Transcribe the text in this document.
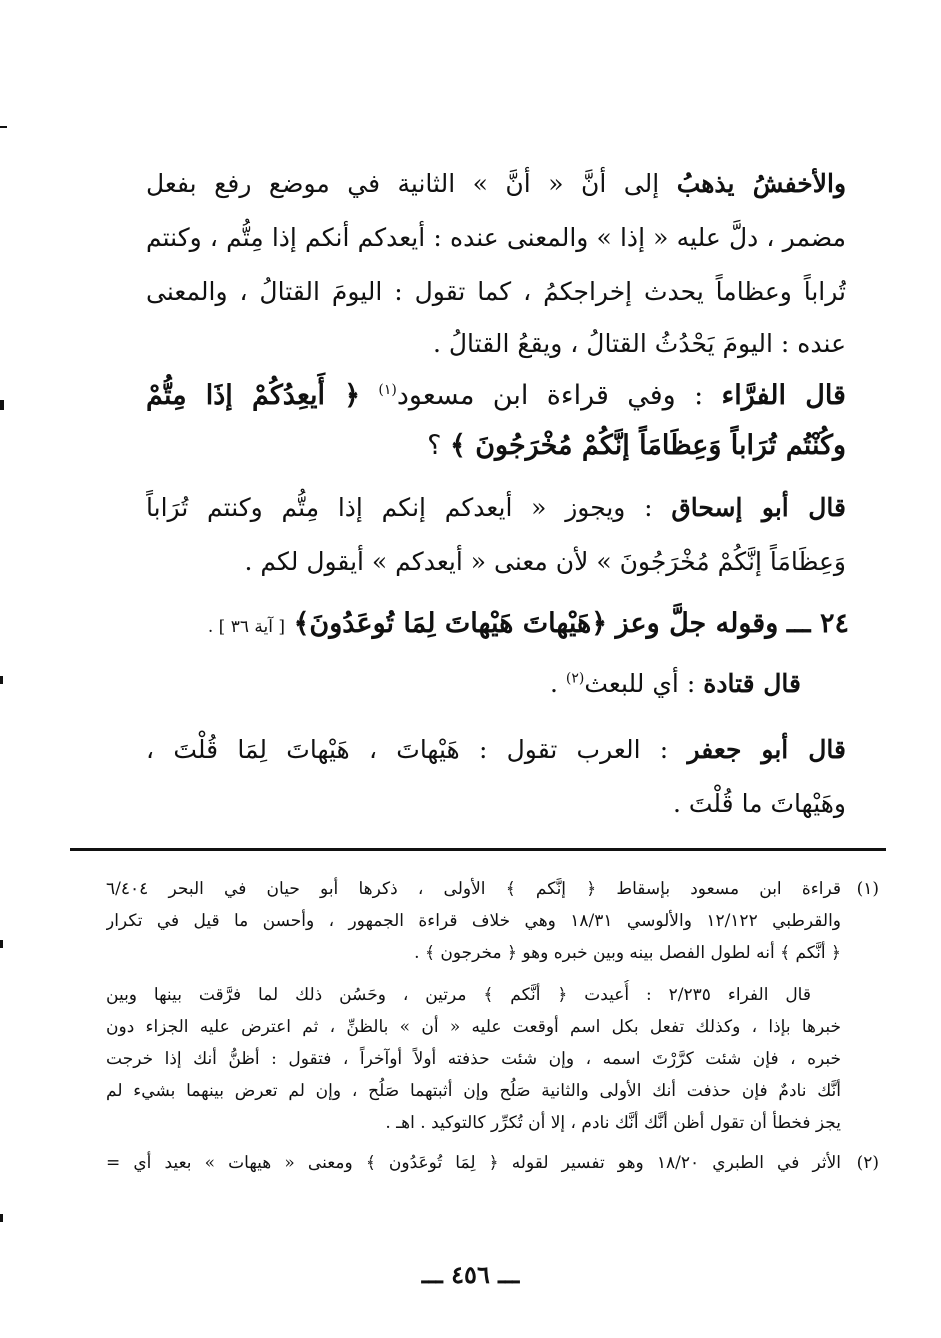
والأخفشُ يذهبُ إلى أنَّ « أنَّ » الثانية في موضع رفع بفعل
مضمر ، دلَّ عليه « إذا » والمعنى عنده : أيعدكم أنكم إذا مِتُّم ، وكنتم
تُراباً وعظاماً يحدث إخراجكمُ ، كما تقول : اليومَ القتالُ ، والمعنى
عنده : اليومَ يَحْدُثُ القتالُ ، ويقعُ القتالُ .
قال الفرَّاء : وفي قراءة ابن مسعود$^{(١)}$ ﴿ أَيعِدُكُمْ إذَا مِتُّمْ
وكُنْتُم تُرَاباً وَعِظَامَاً إنَّكُمْ مُخْرَجُونَ ﴾ ؟
قال أبو إسحاق : ويجوز « أيعدكم إنكم إذا مِتُّم وكنتم تُرَاباً
وَعِظَامَاً إنَّكُمْ مُخْرَجُونَ » لأن معنى « أيعدكم » أيقول لكم .
٢٤ ـــ وقوله جلَّ وعز ﴿هَيْهاتَ هَيْهاتَ لِمَا تُوعَدُونَ﴾ [ آية ٣٦ ] .
قال قتادة : أي للبعث$^{(٢)}$ .
قال أبو جعفر : العرب تقول : هَيْهاتَ ، هَيْهاتَ لِمَا قُلْتَ ،
وهَيْهاتَ ما قُلْتَ .
(١)
قراءة ابن مسعود بإسقاط ﴿ إنَّكم ﴾ الأولى ، ذكرها أبو حيان في البحر ٦/٤٠٤
والقرطبي ١٢/١٢٢ والألوسي ١٨/٣١ وهي خلاف قراءة الجمهور ، وأحسن ما قيل في تكرار
﴿ أنَّكم ﴾ أنه لطول الفصل بينه وبين خبره وهو ﴿ مخرجون ﴾ .
قال الفراء ٢/٢٣٥ : أُعيدت ﴿ أنَّكم ﴾ مرتين ، وحَسُن ذلك لما فرَّقت بينها وبين
خبرها بإذا ، وكذلك تفعل بكل اسم أوقعت عليه « أن » بالظنِّ ، ثم اعترض عليه الجزاء دون
خبره ، فإن شئت كرَّرْتَ اسمه ، وإن شئت حذفته أولاً أوآخراً ، فتقول : أظنُّ أنك إذا خرجت
أنَّك نادمٌ فإن حذفت أنك الأولى والثانية صَلُح وإن أثبتهما صَلُح ، وإن لم تعرض بينهما بشيء لم
يجز فخطأ أن تقول أظن أنَّك أنَّك نادم ، إلا أن تُكرِّر كالتوكيد . اهـ .
(٢)
الأثر في الطبري ١٨/٢٠ وهو تفسير لقوله ﴿ لِمَا تُوعَدُون ﴾ ومعنى « هيهات » بعيد أي =
ـــ ٤٥٦ ـــ
